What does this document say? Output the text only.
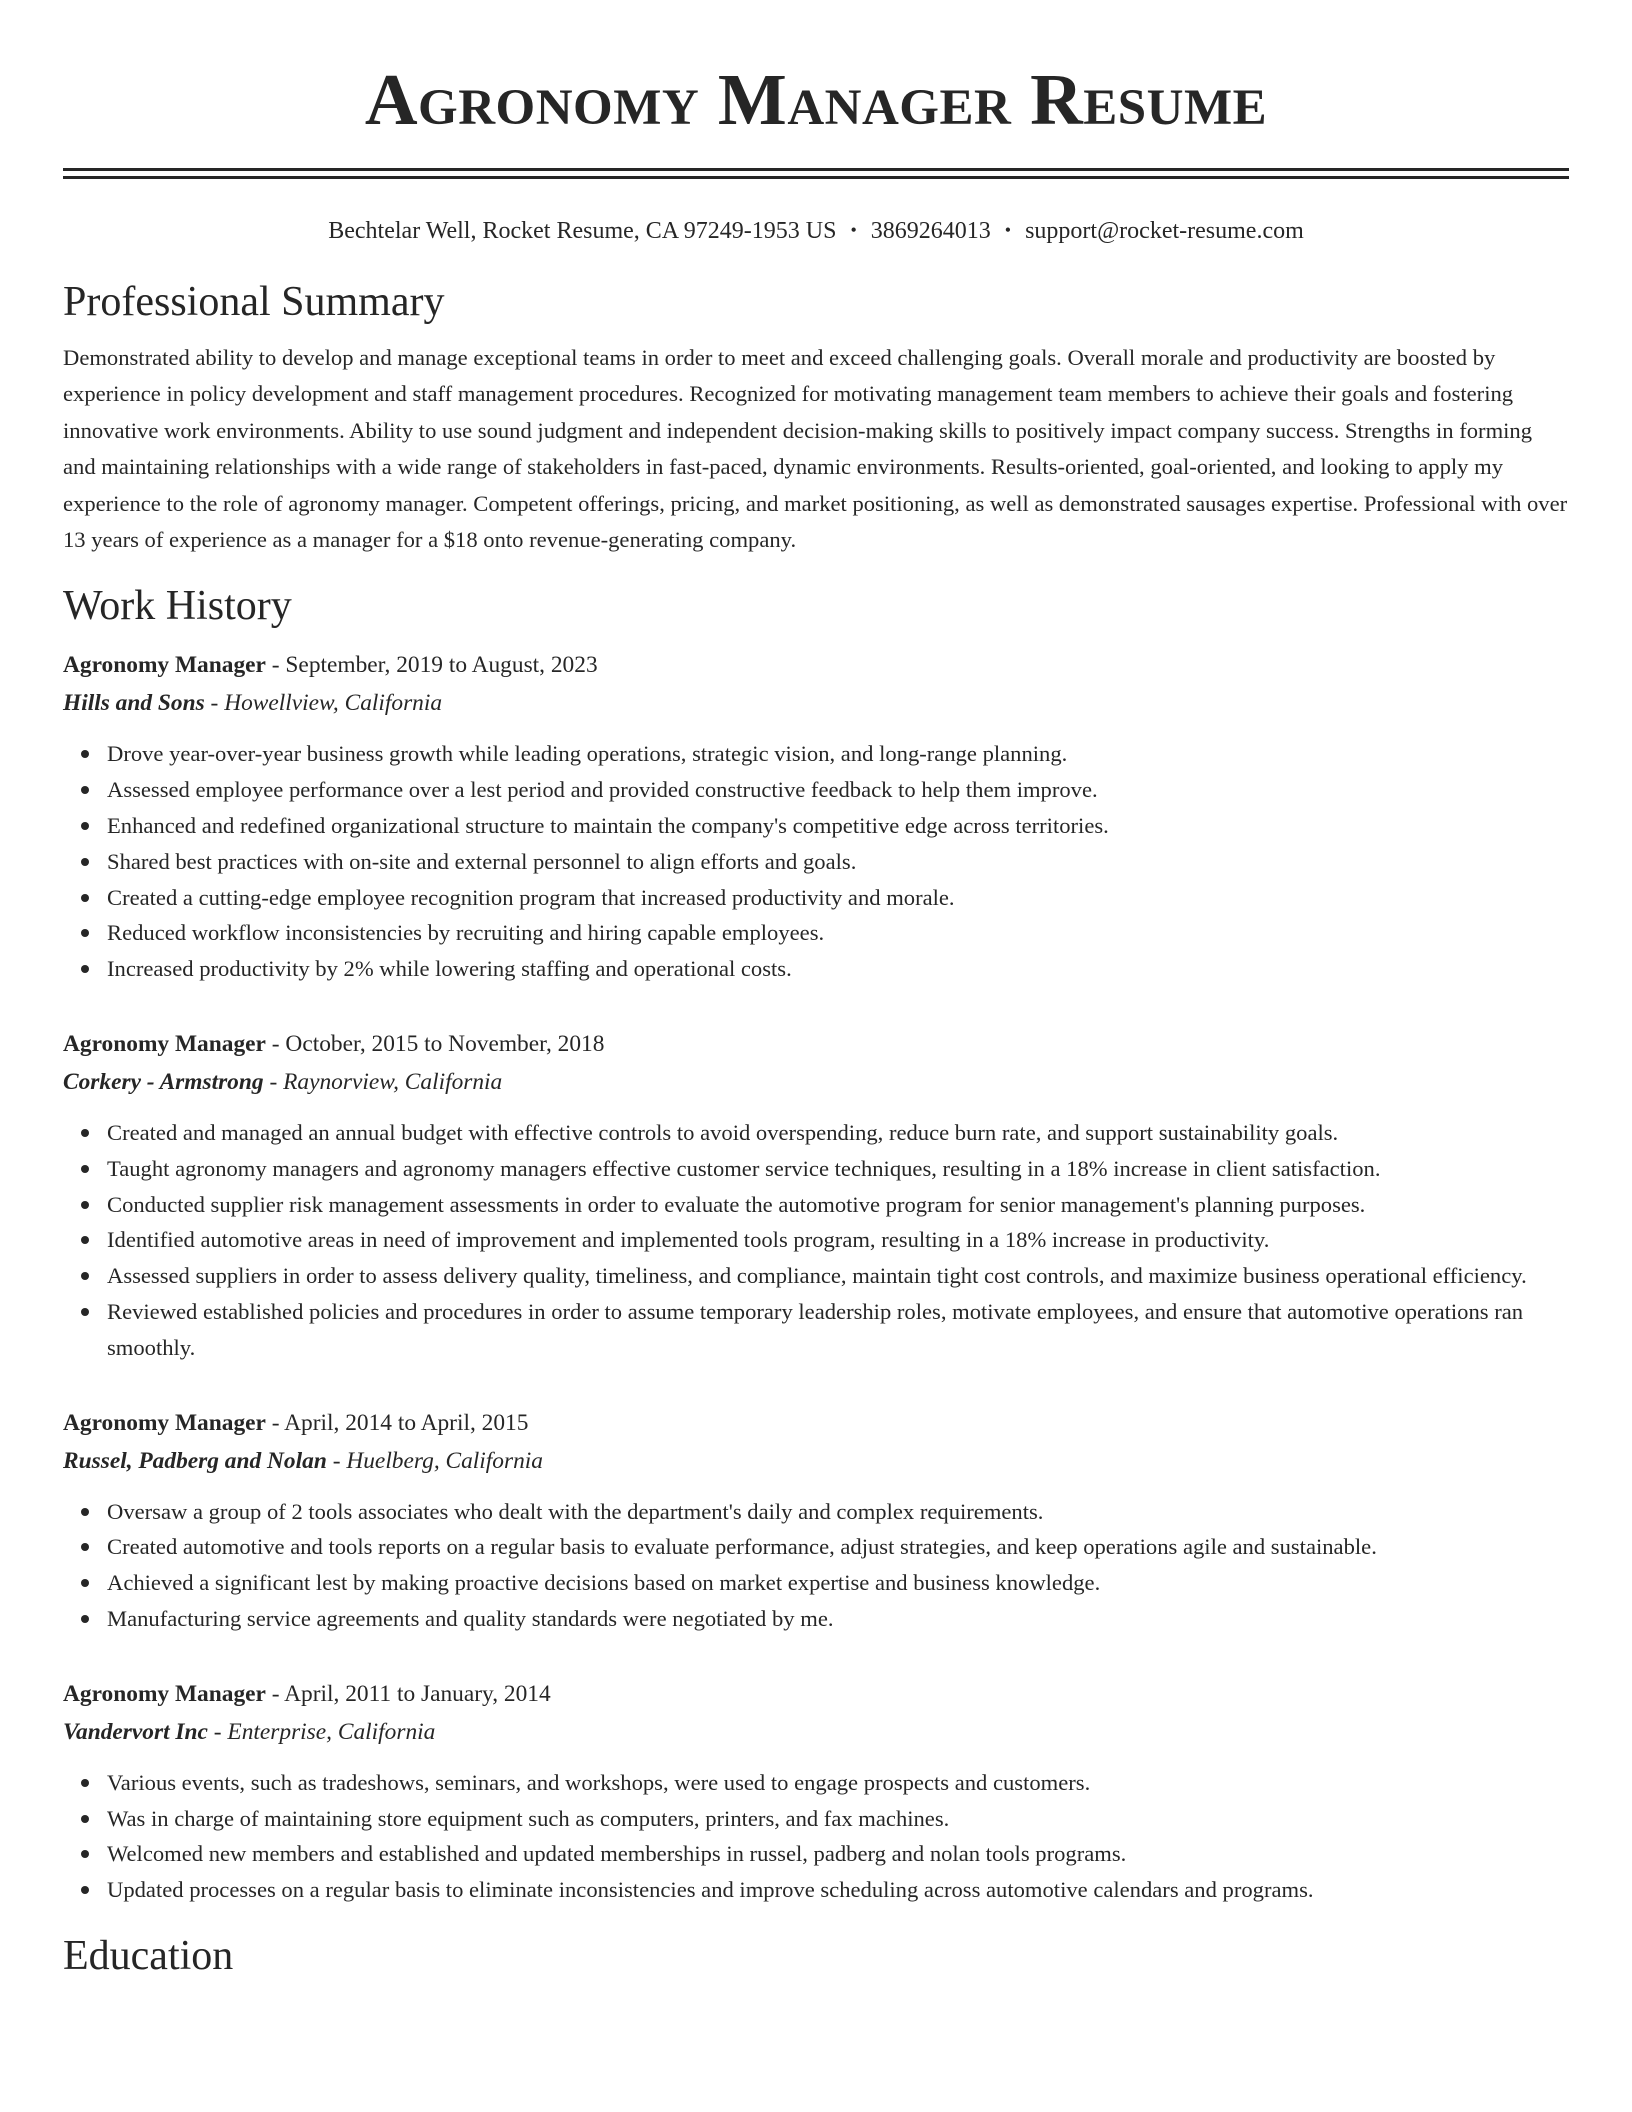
Agronomy Manager Resume
Bechtelar Well, Rocket Resume, CA 97249-1953 US • 3869264013 • support@rocket-resume.com
Professional Summary

Demonstrated ability to develop and manage exceptional teams in order to meet and exceed challenging goals. Overall morale and productivity are boosted by experience in policy development and staff management procedures. Recognized for motivating management team members to achieve their goals and fostering innovative work environments. Ability to use sound judgment and independent decision-making skills to positively impact company success. Strengths in forming and maintaining relationships with a wide range of stakeholders in fast-paced, dynamic environments. Results-oriented, goal-oriented, and looking to apply my experience to the role of agronomy manager. Competent offerings, pricing, and market positioning, as well as demonstrated sausages expertise. Professional with over 13 years of experience as a manager for a $18 onto revenue-generating company.

Work History
Agronomy Manager - September, 2019 to August, 2023
Hills and Sons - Howellview, California
Drove year-over-year business growth while leading operations, strategic vision, and long-range planning.
Assessed employee performance over a lest period and provided constructive feedback to help them improve.
Enhanced and redefined organizational structure to maintain the company's competitive edge across territories.
Shared best practices with on-site and external personnel to align efforts and goals.
Created a cutting-edge employee recognition program that increased productivity and morale.
Reduced workflow inconsistencies by recruiting and hiring capable employees.
Increased productivity by 2% while lowering staffing and operational costs.
Agronomy Manager - October, 2015 to November, 2018
Corkery - Armstrong - Raynorview, California
Created and managed an annual budget with effective controls to avoid overspending, reduce burn rate, and support sustainability goals.
Taught agronomy managers and agronomy managers effective customer service techniques, resulting in a 18% increase in client satisfaction.
Conducted supplier risk management assessments in order to evaluate the automotive program for senior management's planning purposes.
Identified automotive areas in need of improvement and implemented tools program, resulting in a 18% increase in productivity.
Assessed suppliers in order to assess delivery quality, timeliness, and compliance, maintain tight cost controls, and maximize business operational efficiency.
Reviewed established policies and procedures in order to assume temporary leadership roles, motivate employees, and ensure that automotive operations ran smoothly.
Agronomy Manager - April, 2014 to April, 2015
Russel, Padberg and Nolan - Huelberg, California
Oversaw a group of 2 tools associates who dealt with the department's daily and complex requirements.
Created automotive and tools reports on a regular basis to evaluate performance, adjust strategies, and keep operations agile and sustainable.
Achieved a significant lest by making proactive decisions based on market expertise and business knowledge.
Manufacturing service agreements and quality standards were negotiated by me.
Agronomy Manager - April, 2011 to January, 2014
Vandervort Inc - Enterprise, California
Various events, such as tradeshows, seminars, and workshops, were used to engage prospects and customers.
Was in charge of maintaining store equipment such as computers, printers, and fax machines.
Welcomed new members and established and updated memberships in russel, padberg and nolan tools programs.
Updated processes on a regular basis to eliminate inconsistencies and improve scheduling across automotive calendars and programs.
Education
